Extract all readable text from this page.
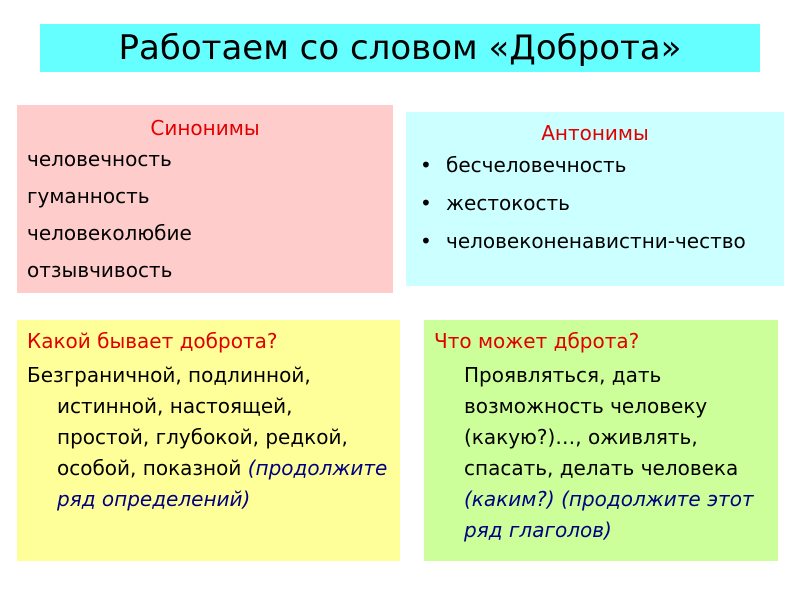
Работаем со словом «Доброта»
Синонимы
человечность
гуманность
человеколюбие
отзывчивость
Антонимы
• бесчеловечность
• жестокость
• человеконенавистни-чество
Какой бывает доброта?
Безграничной, подлинной, истинной, настоящей, простой, глубокой, редкой, особой, показной (продолжите ряд определений)
Что может дброта?
Проявляться, дать возможность человеку (какую?)…, оживлять, спасать, делать человека (каким?) (продолжите этот ряд глаголов)
